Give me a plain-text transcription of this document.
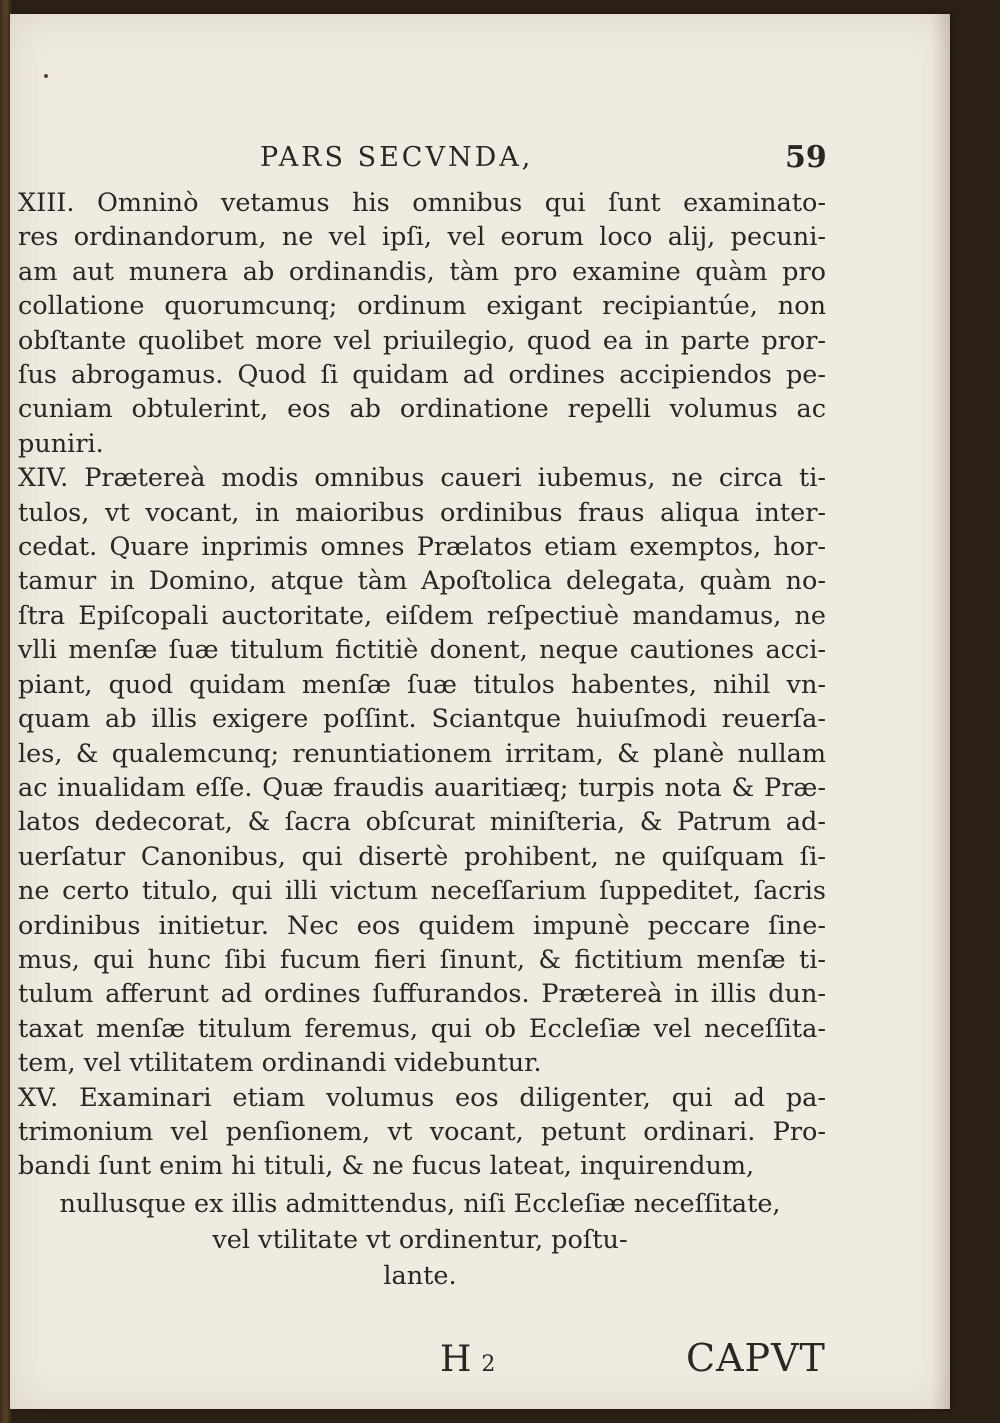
PARS SECVNDA,	59
XIII. Omninò vetamus his omnibus qui ſunt examinato-
res ordinandorum, ne vel ipſi, vel eorum loco alij, pecuni-
am aut munera ab ordinandis, tàm pro examine quàm pro
collatione quorumcunq; ordinum exigant recipiantúe, non
obſtante quolibet more vel priuilegio, quod ea in parte pror-
ſus abrogamus. Quod ſi quidam ad ordines accipiendos pe-
cuniam obtulerint, eos ab ordinatione repelli volumus ac
puniri.
XIV. Prætereà modis omnibus caueri iubemus, ne circa ti-
tulos, vt vocant, in maioribus ordinibus fraus aliqua inter-
cedat. Quare inprimis omnes Prælatos etiam exemptos, hor-
tamur in Domino, atque tàm Apoſtolica delegata, quàm no-
ſtra Epiſcopali auctoritate, eiſdem reſpectiuè mandamus, ne
vlli menſæ ſuæ titulum fictitiè donent, neque cautiones acci-
piant, quod quidam menſæ ſuæ titulos habentes, nihil vn-
quam ab illis exigere poſſint. Sciantque huiuſmodi reuerſa-
les, & qualemcunq; renuntiationem irritam, & planè nullam
ac inualidam eſſe. Quæ fraudis auaritiæq; turpis nota & Præ-
latos dedecorat, & ſacra obſcurat miniſteria, & Patrum ad-
uerſatur Canonibus, qui disertè prohibent, ne quiſquam ſi-
ne certo titulo, qui illi victum neceſſarium ſuppeditet, ſacris
ordinibus initietur. Nec eos quidem impunè peccare ſine-
mus, qui hunc ſibi fucum fieri ſinunt, & fictitium menſæ ti-
tulum afferunt ad ordines ſuffurandos. Prætereà in illis dun-
taxat menſæ titulum feremus, qui ob Eccleſiæ vel neceſſita-
tem, vel vtilitatem ordinandi videbuntur.
XV. Examinari etiam volumus eos diligenter, qui ad pa-
trimonium vel penſionem, vt vocant, petunt ordinari. Pro-
bandi ſunt enim hi tituli, & ne fucus lateat, inquirendum,
nullusque ex illis admittendus, niſi Eccleſiæ neceſſitate,
vel vtilitate vt ordinentur, poſtu-
lante.
H 2	CAPVT
